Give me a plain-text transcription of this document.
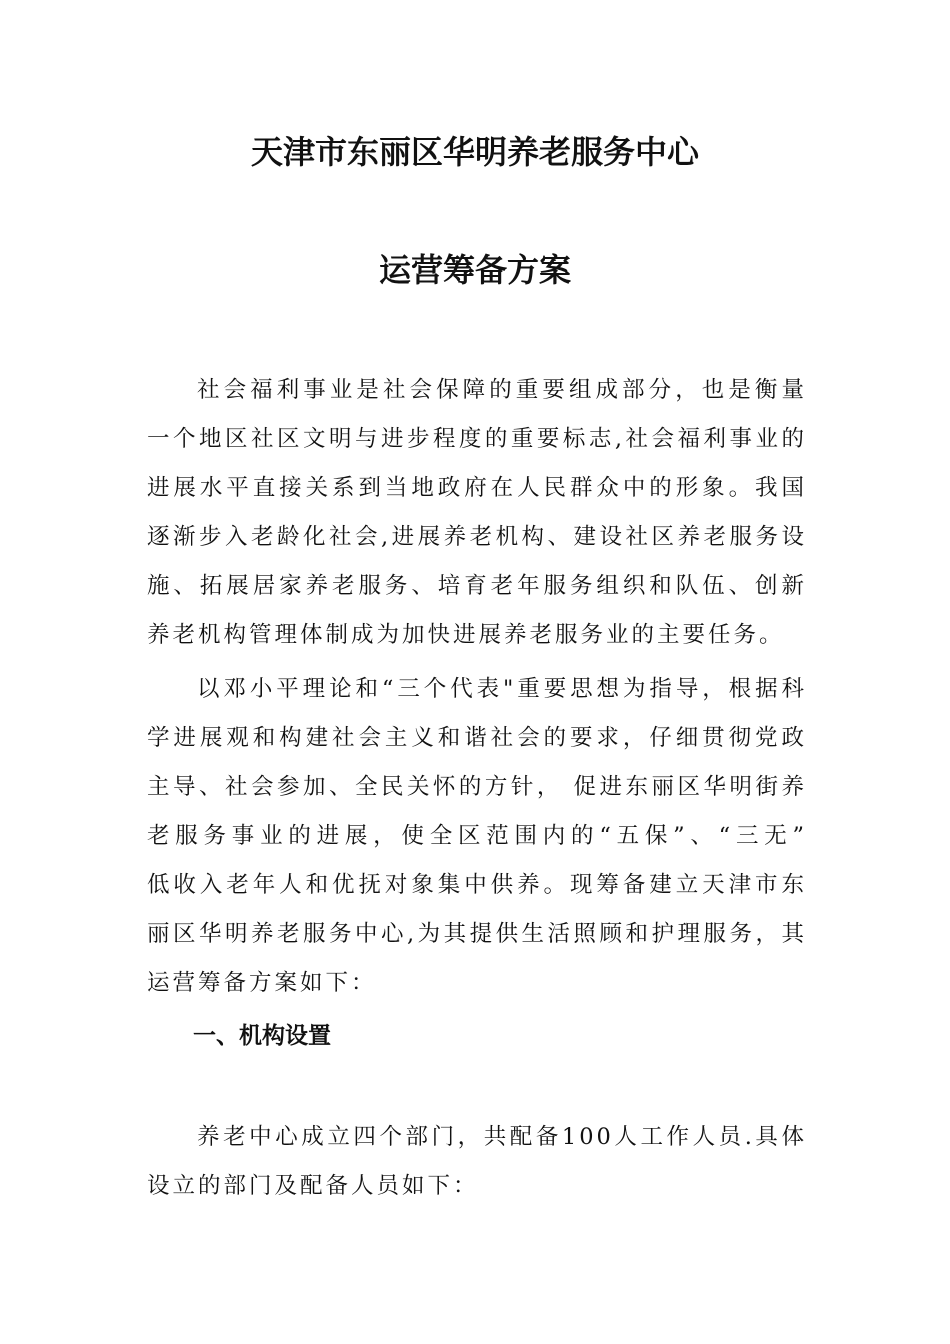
天津市东丽区华明养老服务中心
运营筹备方案
社会福利事业是社会保障的重要组成部分，也是衡量
一个地区社区文明与进步程度的重要标志,社会福利事业的
进展水平直接关系到当地政府在人民群众中的形象。我国
逐渐步入老龄化社会,进展养老机构、建设社区养老服务设
施、拓展居家养老服务、培育老年服务组织和队伍、创新
养老机构管理体制成为加快进展养老服务业的主要任务。
以邓小平理论和“三个代表"重要思想为指导，根据科
学进展观和构建社会主义和谐社会的要求，仔细贯彻党政
主导、社会参加、全民关怀的方针， 促进东丽区华明街养
老服务事业的进展，使全区范围内的“五保”、“三无”
低收入老年人和优抚对象集中供养。现筹备建立天津市东
丽区华明养老服务中心,为其提供生活照顾和护理服务，其
运营筹备方案如下：
一、机构设置
养老中心成立四个部门，共配备100人工作人员.具体
设立的部门及配备人员如下：
